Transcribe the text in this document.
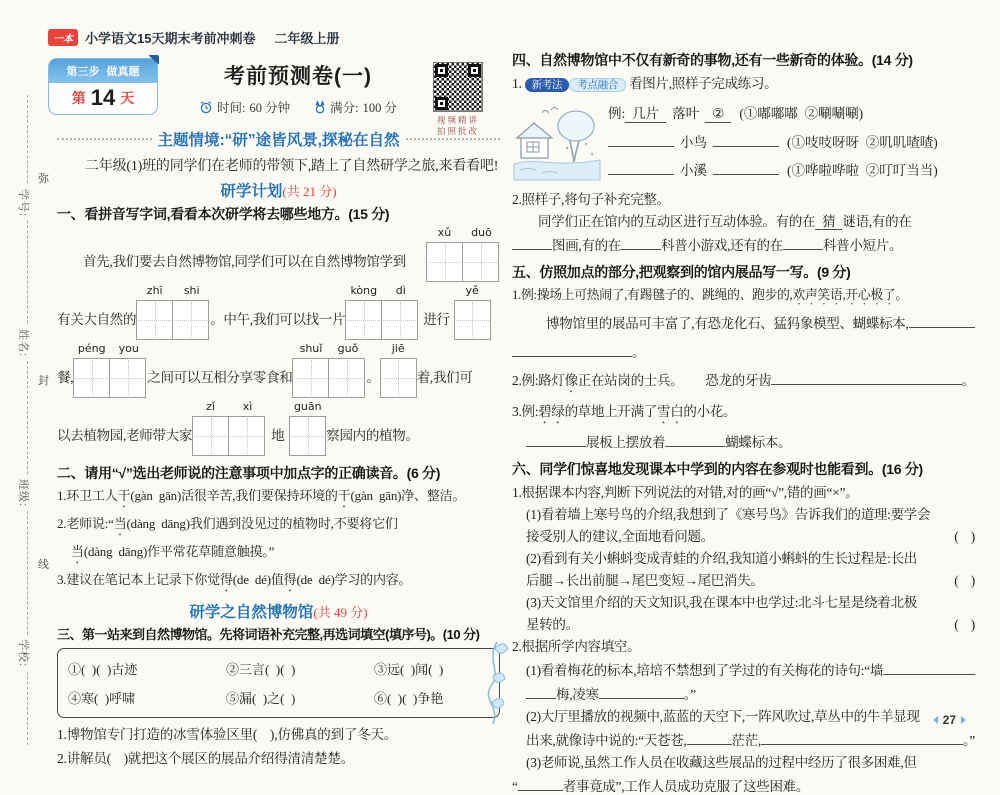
学号:
姓名:
班级:
学校:
弥
封
线
一本 小学语文15天期末考前冲刺卷 二年级上册
第三步 做真题
第 14 天
考前预测卷(一)
时间: 60 分钟	满分: 100 分
视频精讲
拍照批改
主题情境:“研”途皆风景,探秘在自然
二年级(1)班的同学们在老师的带领下,踏上了自然研学之旅,来看看吧!
研学计划(共 21 分)
一、看拼音写字词,看看本次研学将去哪些地方。(15 分)
首先,我们要去自然博物馆,同学们可以在自然博物馆学到
xǔ	duō
有关大自然的
zhī	shi
。中午,我们可以找一片
kòng	dì
进行
yě
餐,
péng	you
之间可以互相分享零食和
shuǐ	guǒ
。
jiē
着,我们可
以去植物园,老师带大家
zǐ	xì
地
guān
察园内的植物。
二、请用“√”选出老师说的注意事项中加点字的正确读音。(6 分)
1.环卫工人干(gàn  gān)活很辛苦,我们要保持环境的干(gàn  gān)净、整洁。
2.老师说:“当(dàng  dāng)我们遇到没见过的植物时,不要将它们
当(dàng  dāng)作平常花草随意触摸。”
3.建议在笔记本上记录下你觉得(de  dé)值得(de  dé)学习的内容。
研学之自然博物馆(共 49 分)
三、第一站来到自然博物馆。先将词语补充完整,再选词填空(填序号)。(10 分)
①(  )(  )古迹	②三言(  )(  )	③远(  )闻(  )
④寒(  )呼啸	⑤漏(  )之(  )	⑥(  )(  )争艳
1.博物馆专门打造的冰雪体验区里(    ),仿佛真的到了冬天。
2.讲解员(    )就把这个展区的展品介绍得清清楚楚。
四、自然博物馆中不仅有新奇的事物,还有一些新奇的体验。(14 分)
1. 新考法 考点融合 看图片,照样子完成练习。
例: 几片 落叶 ②	(①嘟嘟嘟  ②唰唰唰)
小鸟	(①吱吱呀呀  ②叽叽喳喳)
小溪	(①哗啦哗啦  ②叮叮当当)
2.照样子,将句子补充完整。
同学们正在馆内的互动区进行互动体验。有的在 猜 谜语,有的在
图画,有的在	科普小游戏,还有的在	科普小短片。
五、仿照加点的部分,把观察到的馆内展品写一写。(9 分)
1.例:操场上可热闹了,有踢毽子的、跳绳的、跑步的,欢声笑语,开心极了。
博物馆里的展品可丰富了,有恐龙化石、猛犸象模型、蝴蝶标本,
。
2.例:路灯 像 正在站岗的士兵。 恐龙的牙齿	。
3.例:碧绿的草地上开满了雪白的小花。
展板上摆放着	蝴蝶标本。
六、同学们惊喜地发现课本中学到的内容在参观时也能看到。(16 分)
1.根据课本内容,判断下列说法的对错,对的画“√”,错的画“×”。
(1)看着墙上寒号鸟的介绍,我想到了《寒号鸟》告诉我们的道理:要学会
接受别人的建议,全面地看问题。	(    )
(2)看到有关小蝌蚪变成青蛙的介绍,我知道小蝌蚪的生长过程是:长出
后腿→长出前腿→尾巴变短→尾巴消失。	(    )
(3)天文馆里介绍的天文知识,我在课本中也学过:北斗七星是绕着北极
星转的。	(    )
2.根据所学内容填空。
(1)看着梅花的标本,培培不禁想到了学过的有关梅花的诗句:“墙
梅,凌寒	。”
(2)大厅里播放的视频中,蓝蓝的天空下,一阵风吹过,草丛中的牛羊显现
出来,就像诗中说的:“天苍苍,	茫茫,	。”
(3)老师说,虽然工作人员在收藏这些展品的过程中经历了很多困难,但
“	者事竟成”,工作人员成功克服了这些困难。
27
